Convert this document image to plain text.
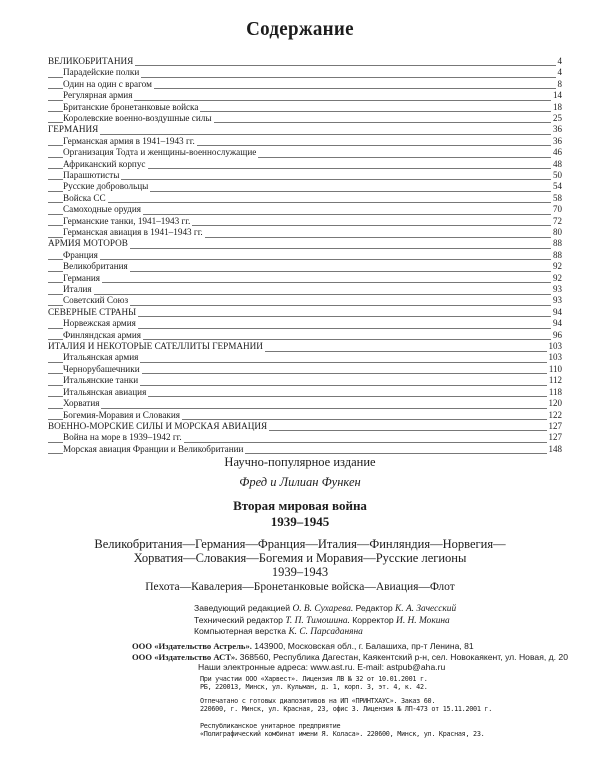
Содержание
ВЕЛИКОБРИТАНИЯ	4
Парадейские полки	4
Один на один с врагом	8
Регулярная армия	14
Британские бронетанковые войска	18
Королевские военно-воздушные силы	25
ГЕРМАНИЯ	36
Германская армия в 1941–1943 гг.	36
Организация Тодта и женщины-военнослужащие	46
Африканский корпус	48
Парашютисты	50
Русские добровольцы	54
Войска СС	58
Самоходные орудия	70
Германские танки, 1941–1943 гг.	72
Германская авиация в 1941–1943 гг.	80
АРМИЯ МОТОРОВ	88
Франция	88
Великобритания	92
Германия	92
Италия	93
Советский Союз	93
СЕВЕРНЫЕ СТРАНЫ	94
Норвежская армия	94
Финляндская армия	96
ИТАЛИЯ И НЕКОТОРЫЕ САТЕЛЛИТЫ ГЕРМАНИИ	103
Итальянская армия	103
Чернорубашечники	110
Итальянские танки	112
Итальянская авиация	118
Хорватия	120
Богемия-Моравия и Словакия	122
ВОЕННО-МОРСКИЕ СИЛЫ И МОРСКАЯ АВИАЦИЯ	127
Война на море в 1939–1942 гг.	127
Морская авиация Франции и Великобритании	148
Научно-популярное издание
Фред и Лилиан Функен
Вторая мировая война
1939–1945
Великобритания—Германия—Франция—Италия—Финляндия—Норвегия—
Хорватия—Словакия—Богемия и Моравия—Русские легионы
1939–1943
Пехота—Кавалерия—Бронетанковые войска—Авиация—Флот
Заведующий редакцией О. В. Сухарева. Редактор К. А. Зачесский
Технический редактор Т. П. Тимошина. Корректор И. Н. Мокина
Компьютерная верстка К. С. Парсаданяна
ООО «Издательство Астрель». 143900, Московская обл., г. Балашиха, пр-т Ленина, 81
ООО «Издательство АСТ». 368560, Республика Дагестан, Каякентский р-н, сел. Новокаякент, ул. Новая, д. 20
Наши электронные адреса: www.ast.ru. E-mail: astpub@aha.ru
При участии ООО «Харвест». Лицензия ЛВ № 32 от 10.01.2001 г.
РБ, 220013, Минск, ул. Кульман, д. 1, корп. 3, эт. 4, к. 42.
Отпечатано с готовых диапозитивов на ИП «ПРИНТХАУС». Заказ 60.
220600, г. Минск, ул. Красная, 23, офис 3. Лицензия № ЛП-473 от 15.11.2001 г.
Республиканское унитарное предприятие
«Полиграфический комбинат имени Я. Коласа». 220600, Минск, ул. Красная, 23.
